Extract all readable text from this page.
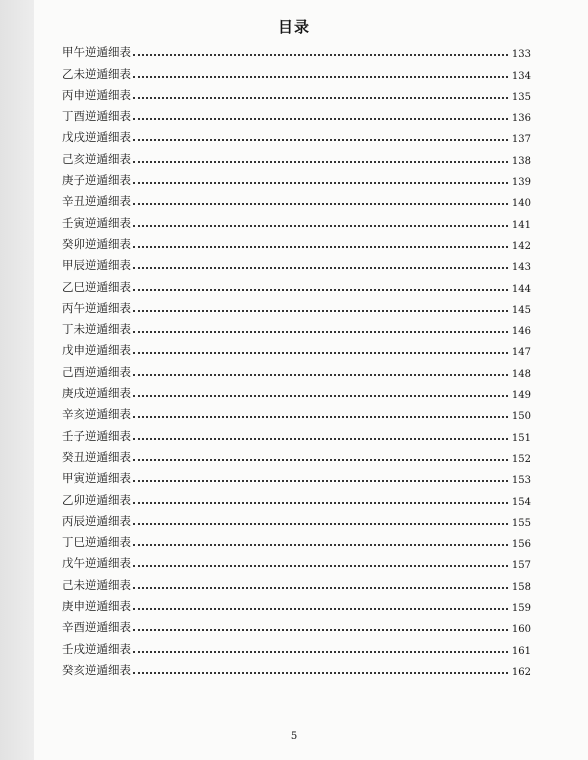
目录
甲午逆遁细表	133
乙未逆遁细表	134
丙申逆遁细表	135
丁酉逆遁细表	136
戊戌逆遁细表	137
己亥逆遁细表	138
庚子逆遁细表	139
辛丑逆遁细表	140
壬寅逆遁细表	141
癸卯逆遁细表	142
甲辰逆遁细表	143
乙巳逆遁细表	144
丙午逆遁细表	145
丁未逆遁细表	146
戊申逆遁细表	147
己酉逆遁细表	148
庚戌逆遁细表	149
辛亥逆遁细表	150
壬子逆遁细表	151
癸丑逆遁细表	152
甲寅逆遁细表	153
乙卯逆遁细表	154
丙辰逆遁细表	155
丁巳逆遁细表	156
戊午逆遁细表	157
己未逆遁细表	158
庚申逆遁细表	159
辛酉逆遁细表	160
壬戌逆遁细表	161
癸亥逆遁细表	162
5
